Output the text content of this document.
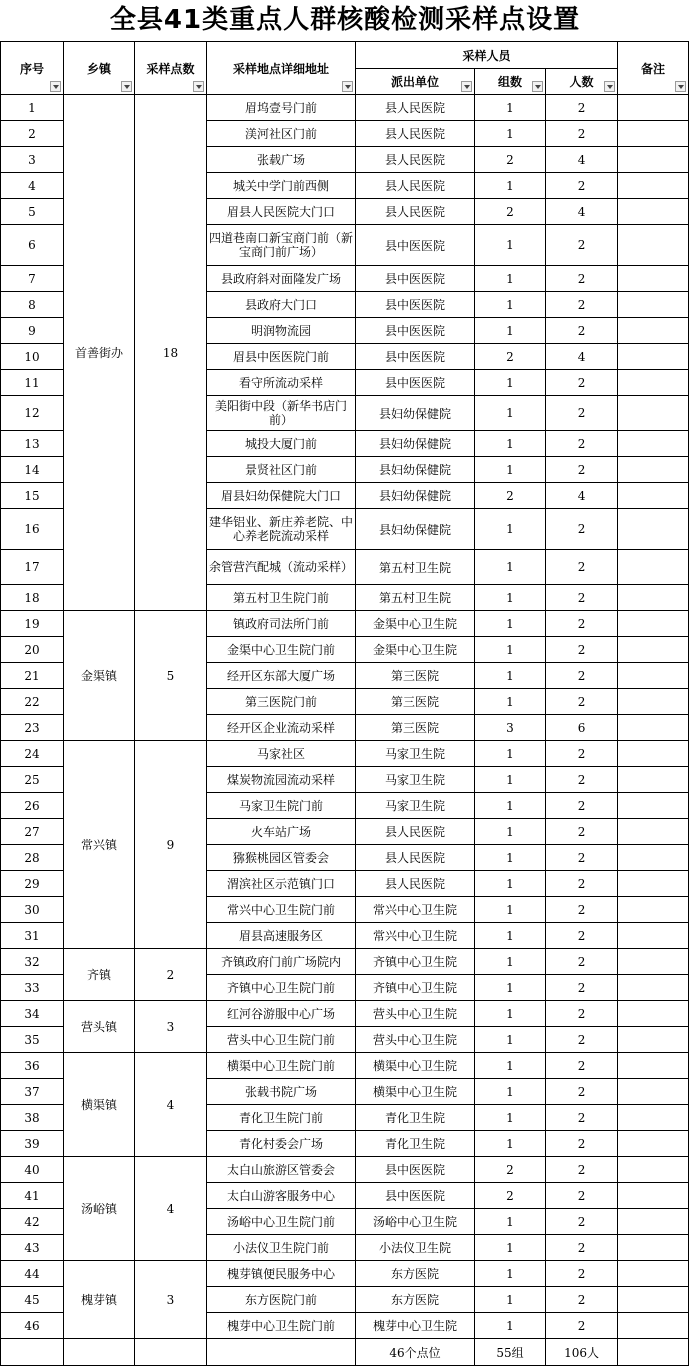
全县41类重点人群核酸检测采样点设置
序号	乡镇	采样点数	采样地点详细地址	采样人员			备注

				派出单位	组数	人数	

1	首善街办	18	眉坞壹号门前	县人民医院	1	2	
2			渼河社区门前	县人民医院	1	2	
3			张载广场	县人民医院	2	4	
4			城关中学门前西侧	县人民医院	1	2	
5			眉县人民医院大门口	县人民医院	2	4	
6			四道巷南口新宝商门前（新宝商门前广场）	县中医医院	1	2	
7			县政府斜对面隆发广场	县中医医院	1	2	
8			县政府大门口	县中医医院	1	2	
9			明润物流园	县中医医院	1	2	
10			眉县中医医院门前	县中医医院	2	4	
11			看守所流动采样	县中医医院	1	2	
12			美阳街中段（新华书店门前）	县妇幼保健院	1	2	
13			城投大厦门前	县妇幼保健院	1	2	
14			景贤社区门前	县妇幼保健院	1	2	
15			眉县妇幼保健院大门口	县妇幼保健院	2	4	
16			建华铝业、新庄养老院、中心养老院流动采样	县妇幼保健院	1	2	
17			余管营汽配城（流动采样）	第五村卫生院	1	2	
18			第五村卫生院门前	第五村卫生院	1	2	
19	金渠镇	5	镇政府司法所门前	金渠中心卫生院	1	2	
20			金渠中心卫生院门前	金渠中心卫生院	1	2	
21			经开区东部大厦广场	第三医院	1	2	
22			第三医院门前	第三医院	1	2	
23			经开区企业流动采样	第三医院	3	6	
24	常兴镇	9	马家社区	马家卫生院	1	2	
25			煤炭物流园流动采样	马家卫生院	1	2	
26			马家卫生院门前	马家卫生院	1	2	
27			火车站广场	县人民医院	1	2	
28			猕猴桃园区管委会	县人民医院	1	2	
29			渭滨社区示范镇门口	县人民医院	1	2	
30			常兴中心卫生院门前	常兴中心卫生院	1	2	
31			眉县高速服务区	常兴中心卫生院	1	2	
32	齐镇	2	齐镇政府门前广场院内	齐镇中心卫生院	1	2	
33			齐镇中心卫生院门前	齐镇中心卫生院	1	2	
34	营头镇	3	红河谷游服中心广场	营头中心卫生院	1	2	
35			营头中心卫生院门前	营头中心卫生院	1	2	
36	横渠镇	4	横渠中心卫生院门前	横渠中心卫生院	1	2	
37			张载书院广场	横渠中心卫生院	1	2	
38			青化卫生院门前	青化卫生院	1	2	
39			青化村委会广场	青化卫生院	1	2	
40	汤峪镇	4	太白山旅游区管委会	县中医医院	2	2	
41			太白山游客服务中心	县中医医院	2	2	
42			汤峪中心卫生院门前	汤峪中心卫生院	1	2	
43			小法仪卫生院门前	小法仪卫生院	1	2	
44	槐芽镇	3	槐芽镇便民服务中心	东方医院	1	2	
45			东方医院门前	东方医院	1	2	
46			槐芽中心卫生院门前	槐芽中心卫生院	1	2	
				46个点位	55组	106人	
